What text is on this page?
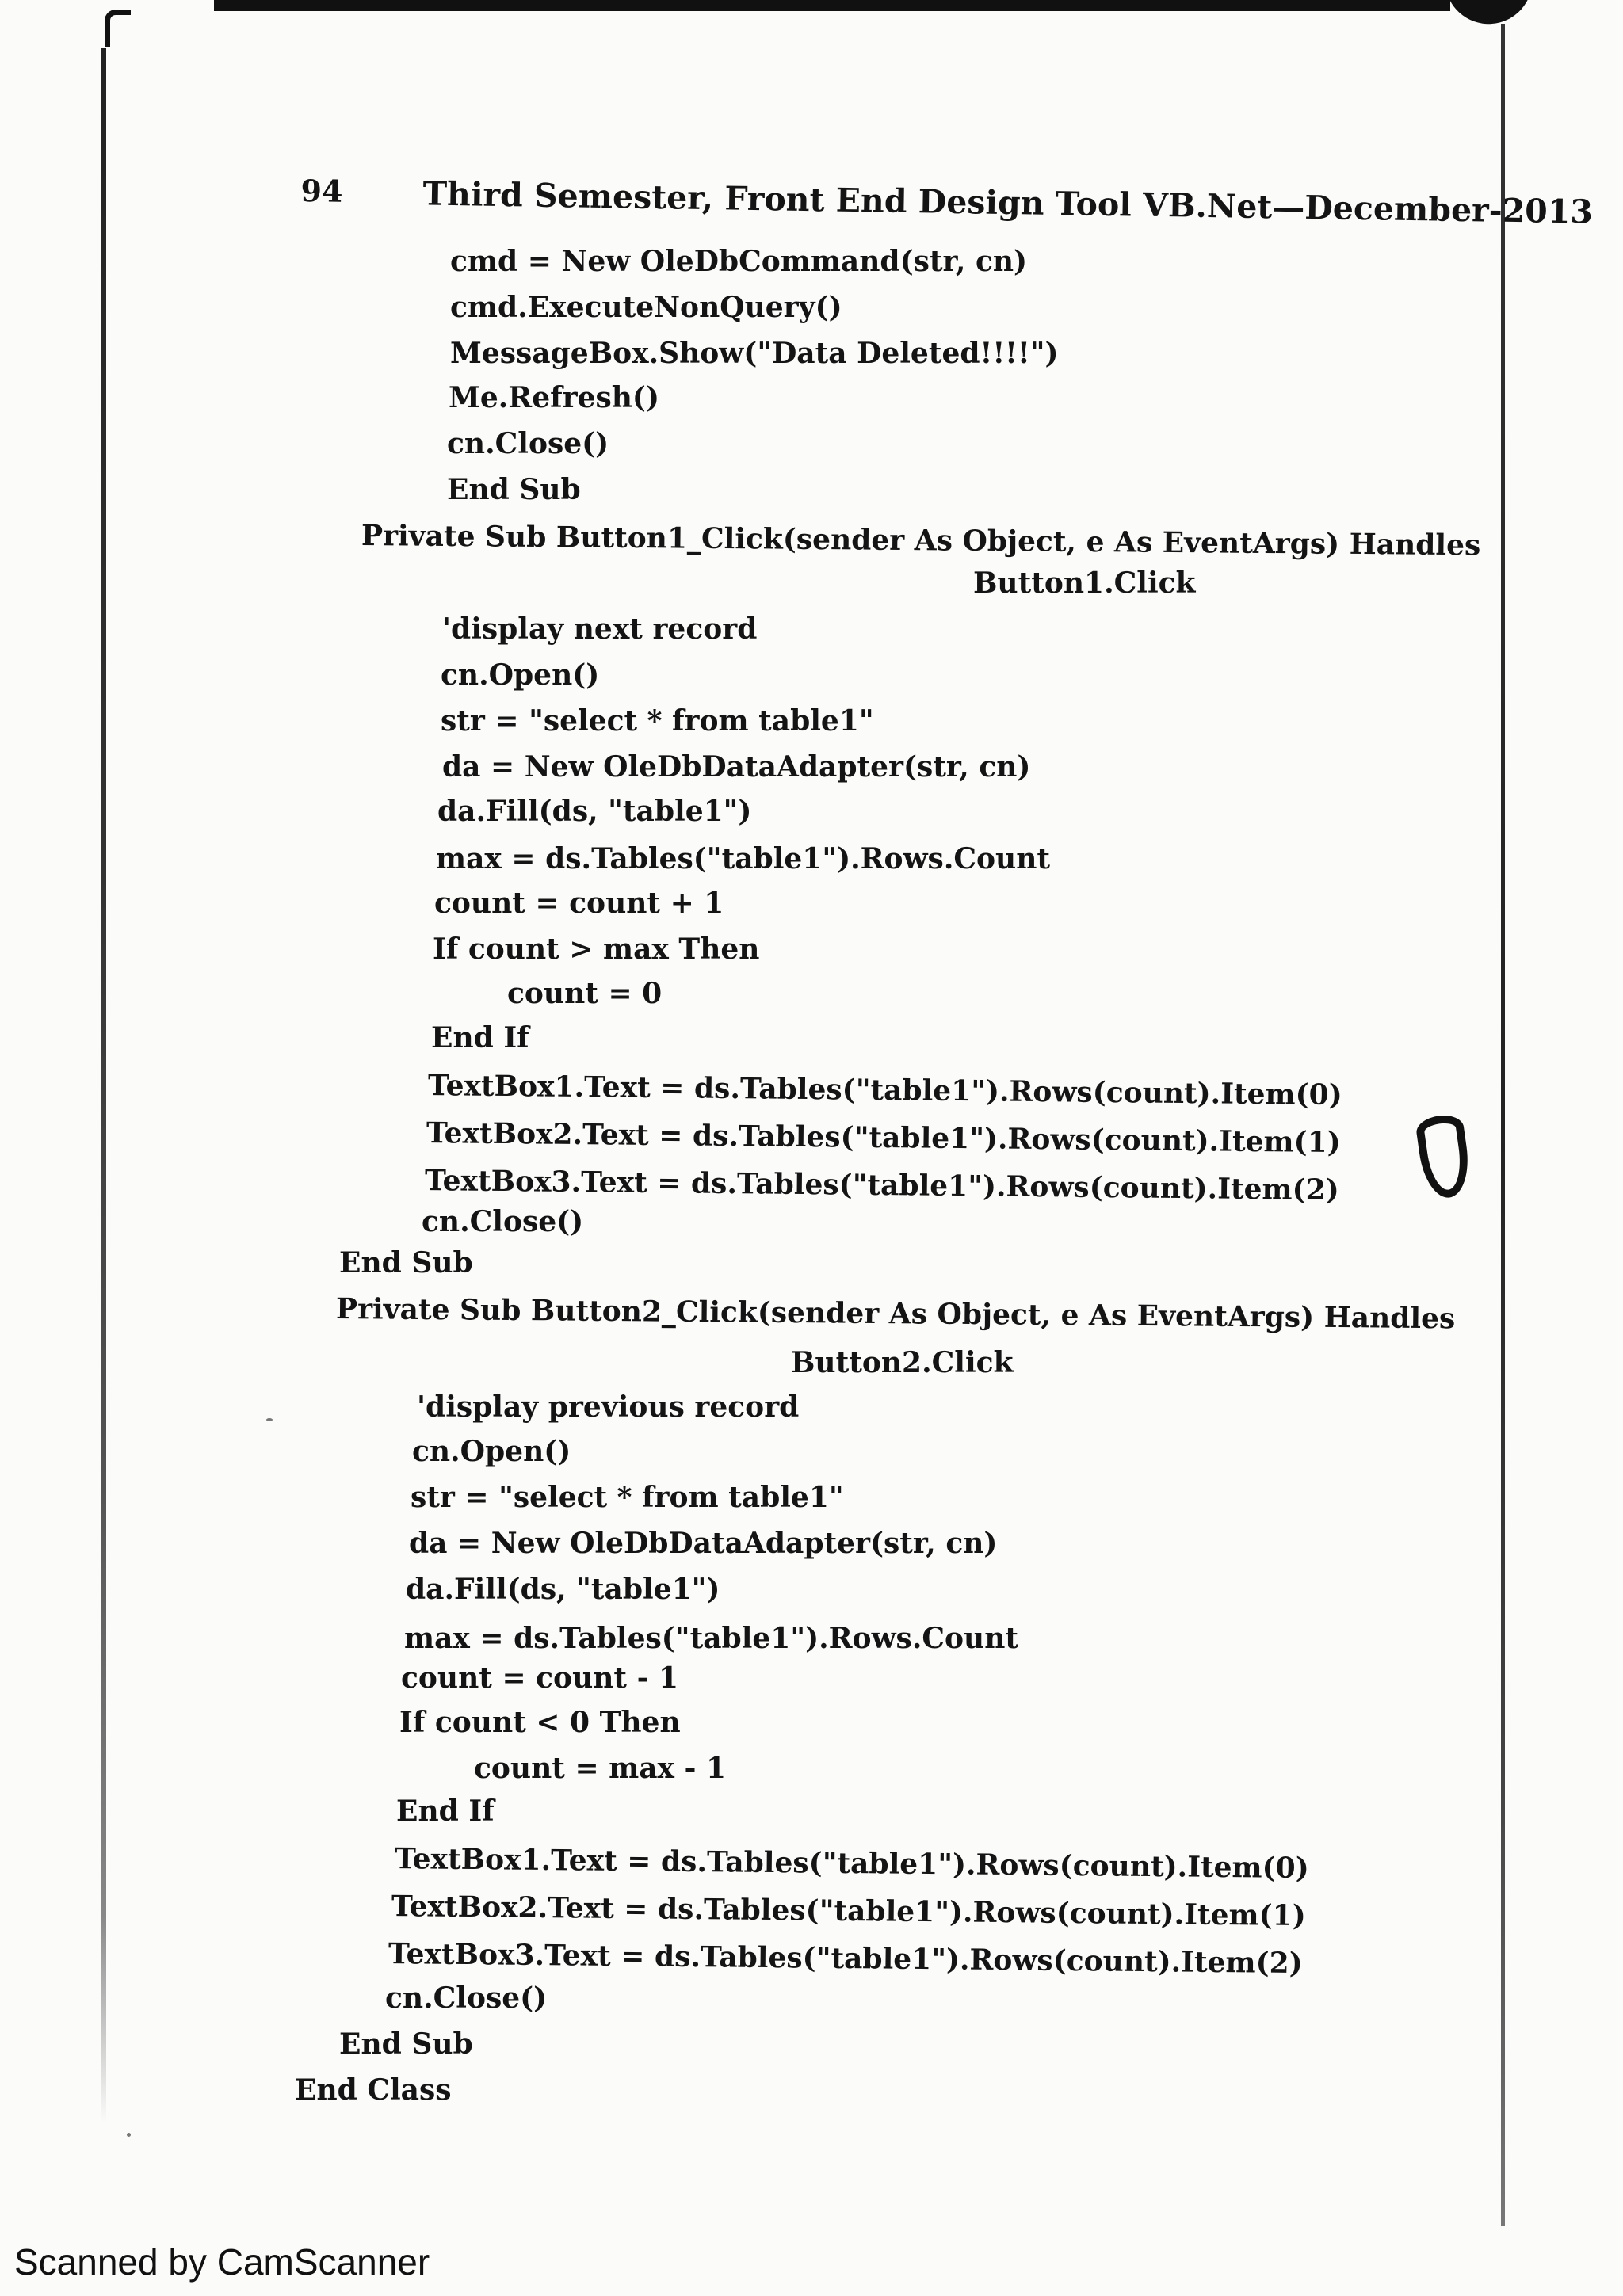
94 Third Semester, Front End Design Tool VB.Net—December-2013
cmd = New OleDbCommand(str, cn)
cmd.ExecuteNonQuery()
MessageBox.Show("Data Deleted!!!!")
Me.Refresh()
cn.Close()
End Sub
Private Sub Button1_Click(sender As Object, e As EventArgs) Handles
Button1.Click
'display next record
cn.Open()
str = "select * from table1"
da = New OleDbDataAdapter(str, cn)
da.Fill(ds, "table1")
max = ds.Tables("table1").Rows.Count
count = count + 1
If count > max Then
count = 0
End If
TextBox1.Text = ds.Tables("table1").Rows(count).Item(0)
TextBox2.Text = ds.Tables("table1").Rows(count).Item(1)
TextBox3.Text = ds.Tables("table1").Rows(count).Item(2)
cn.Close()
End Sub
Private Sub Button2_Click(sender As Object, e As EventArgs) Handles
Button2.Click
'display previous record
cn.Open()
str = "select * from table1"
da = New OleDbDataAdapter(str, cn)
da.Fill(ds, "table1")
max = ds.Tables("table1").Rows.Count
count = count - 1
If count < 0 Then
count = max - 1
End If
TextBox1.Text = ds.Tables("table1").Rows(count).Item(0)
TextBox2.Text = ds.Tables("table1").Rows(count).Item(1)
TextBox3.Text = ds.Tables("table1").Rows(count).Item(2)
cn.Close()
End Sub
End Class
Scanned by CamScanner
